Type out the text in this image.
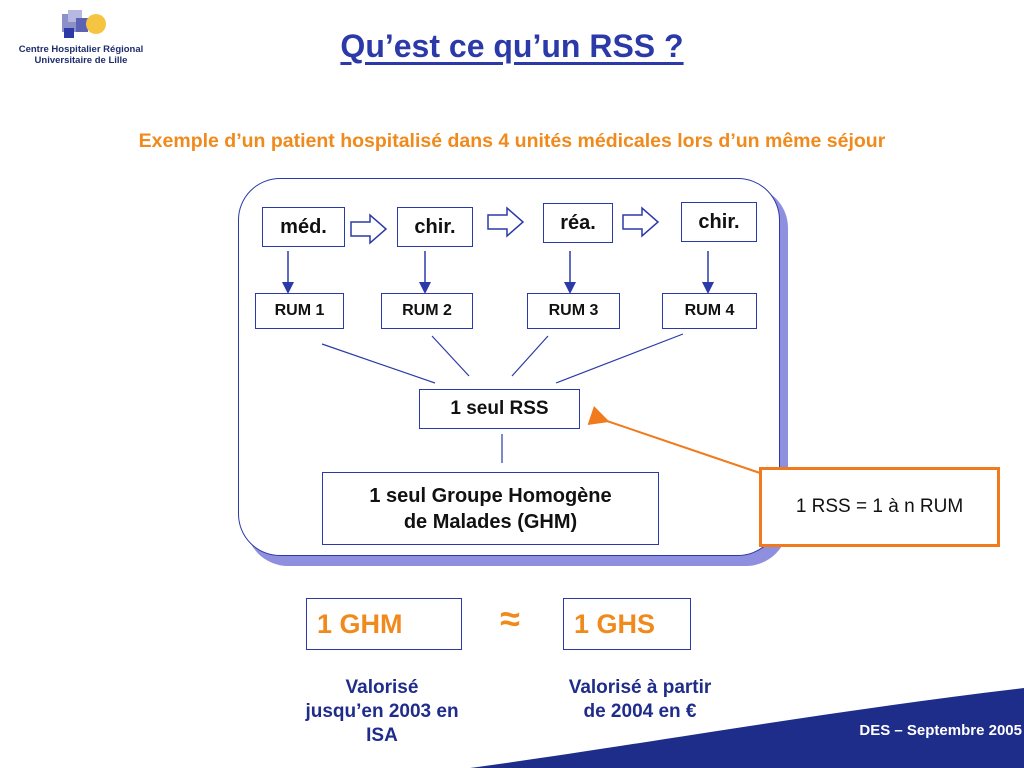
Centre Hospitalier Régional
Universitaire de Lille	Qu’est ce qu’un RSS ?
Exemple d’un patient hospitalisé dans 4 unités médicales lors d’un même séjour
méd.	chir.	réa.	chir.
RUM 1	RUM 2	RUM 3	RUM 4
1 seul RSS
1 seul Groupe Homogène
de Malades (GHM)
1 RSS = 1 à n RUM
1 GHM	≈	1 GHS
Valorisé
jusqu’en 2003 en
ISA
Valorisé à partir
de 2004 en €
DES – Septembre 2005
